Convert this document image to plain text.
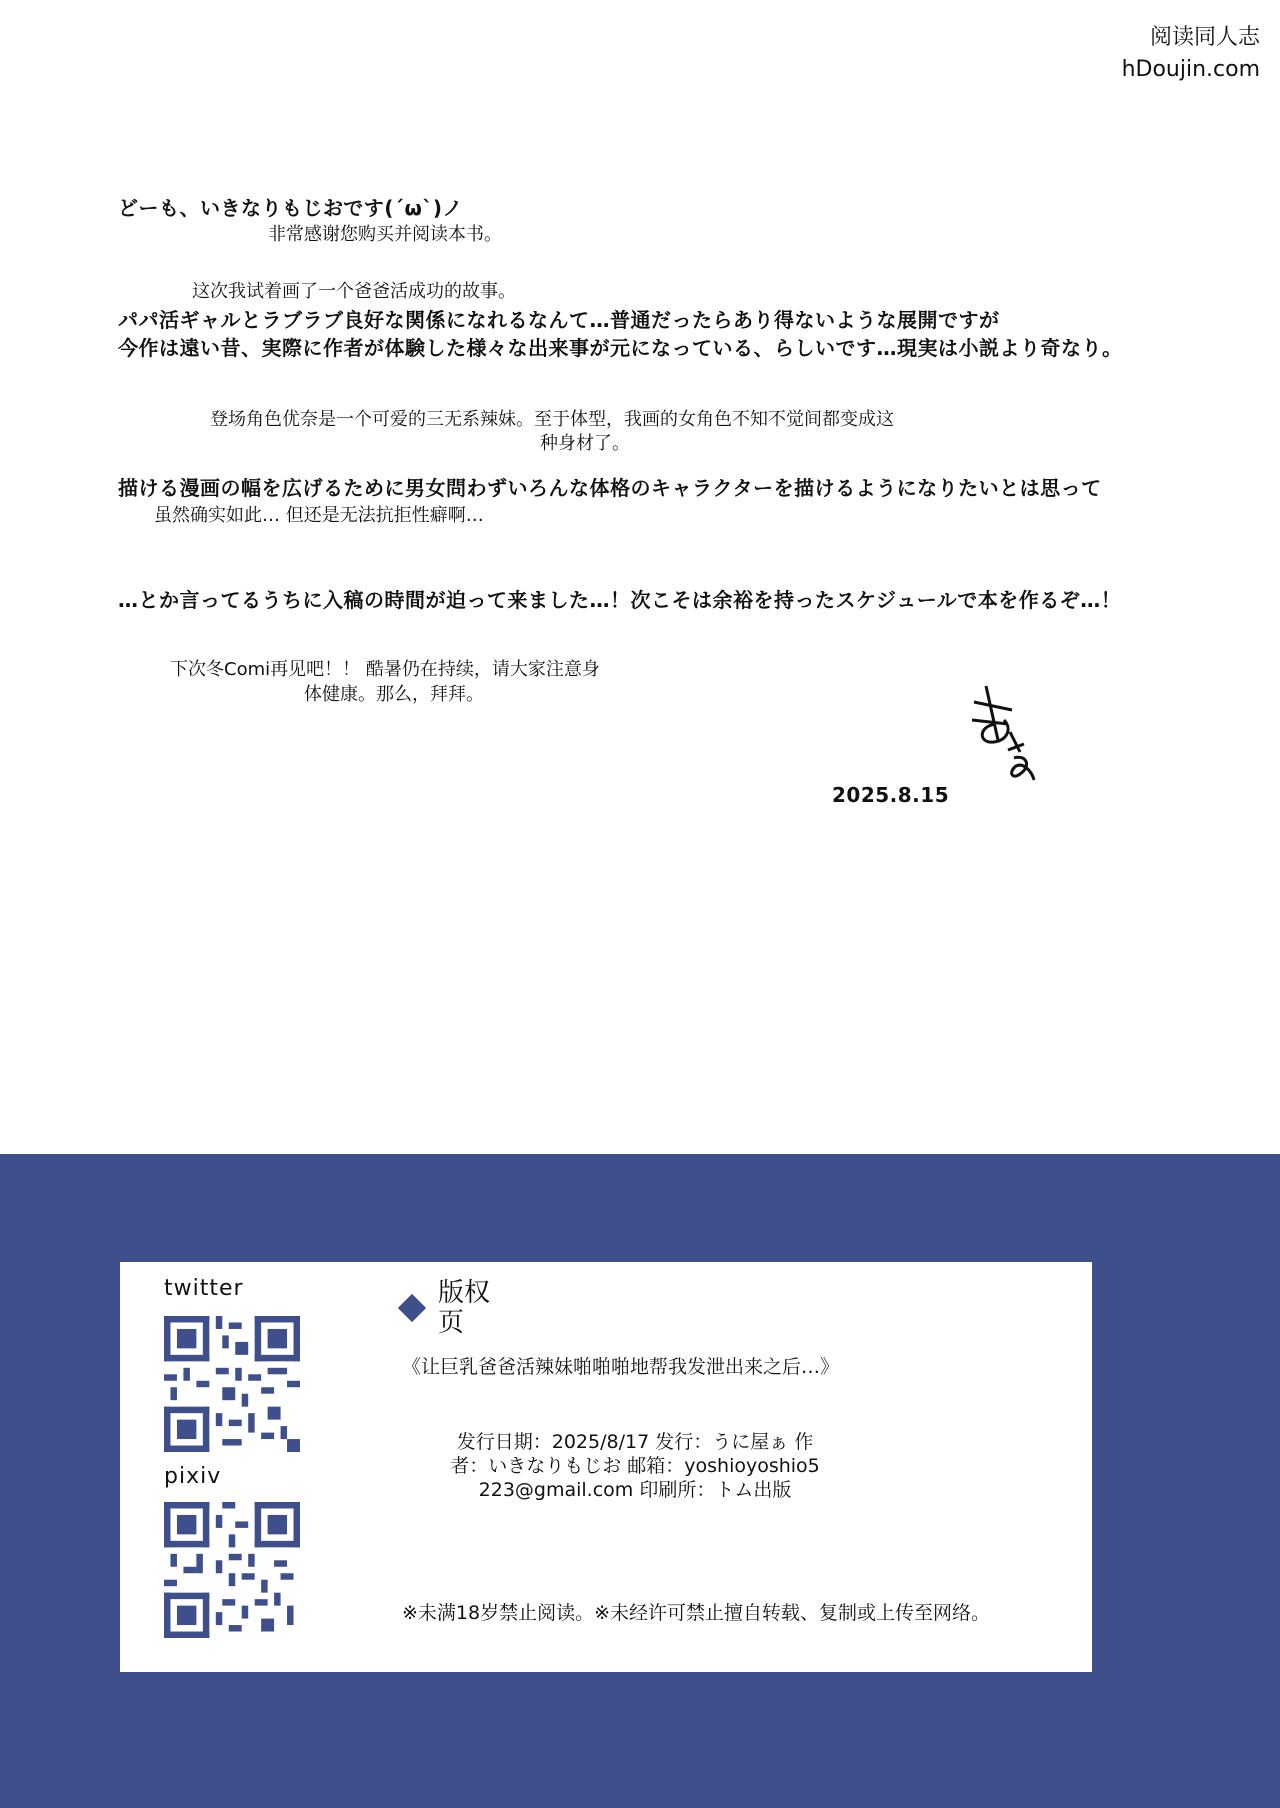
阅读同人志
hDoujin.com
どーも、いきなりもじおです(´ω`)ノ
非常感谢您购买并阅读本书。
这次我试着画了一个爸爸活成功的故事。
パパ活ギャルとラブラブ良好な関係になれるなんて…普通だったらあり得ないような展開ですが
今作は遠い昔、実際に作者が体験した様々な出来事が元になっている、らしいです…現実は小説より奇なり。
登场角色优奈是一个可爱的三无系辣妹。至于体型，我画的女角色不知不觉间都变成这
种身材了。
描ける漫画の幅を広げるために男女問わずいろんな体格のキャラクターを描けるようになりたいとは思って
虽然确实如此… 但还是无法抗拒性癖啊…
…とか言ってるうちに入稿の時間が迫って来ました…！次こそは余裕を持ったスケジュールで本を作るぞ…！
下次冬Comi再见吧！！ 酷暑仍在持续，请大家注意身
体健康。那么，拜拜。
2025.8.15
twitter
pixiv
版权页
《让巨乳爸爸活辣妹啪啪啪地帮我发泄出来之后…》
发行日期：2025/8/17 发行：うに屋ぁ 作者：いきなりもじお 邮箱：yoshioyoshio5223@gmail.com 印刷所：トム出版
※未满18岁禁止阅读。※未经许可禁止擅自转载、复制或上传至网络。
